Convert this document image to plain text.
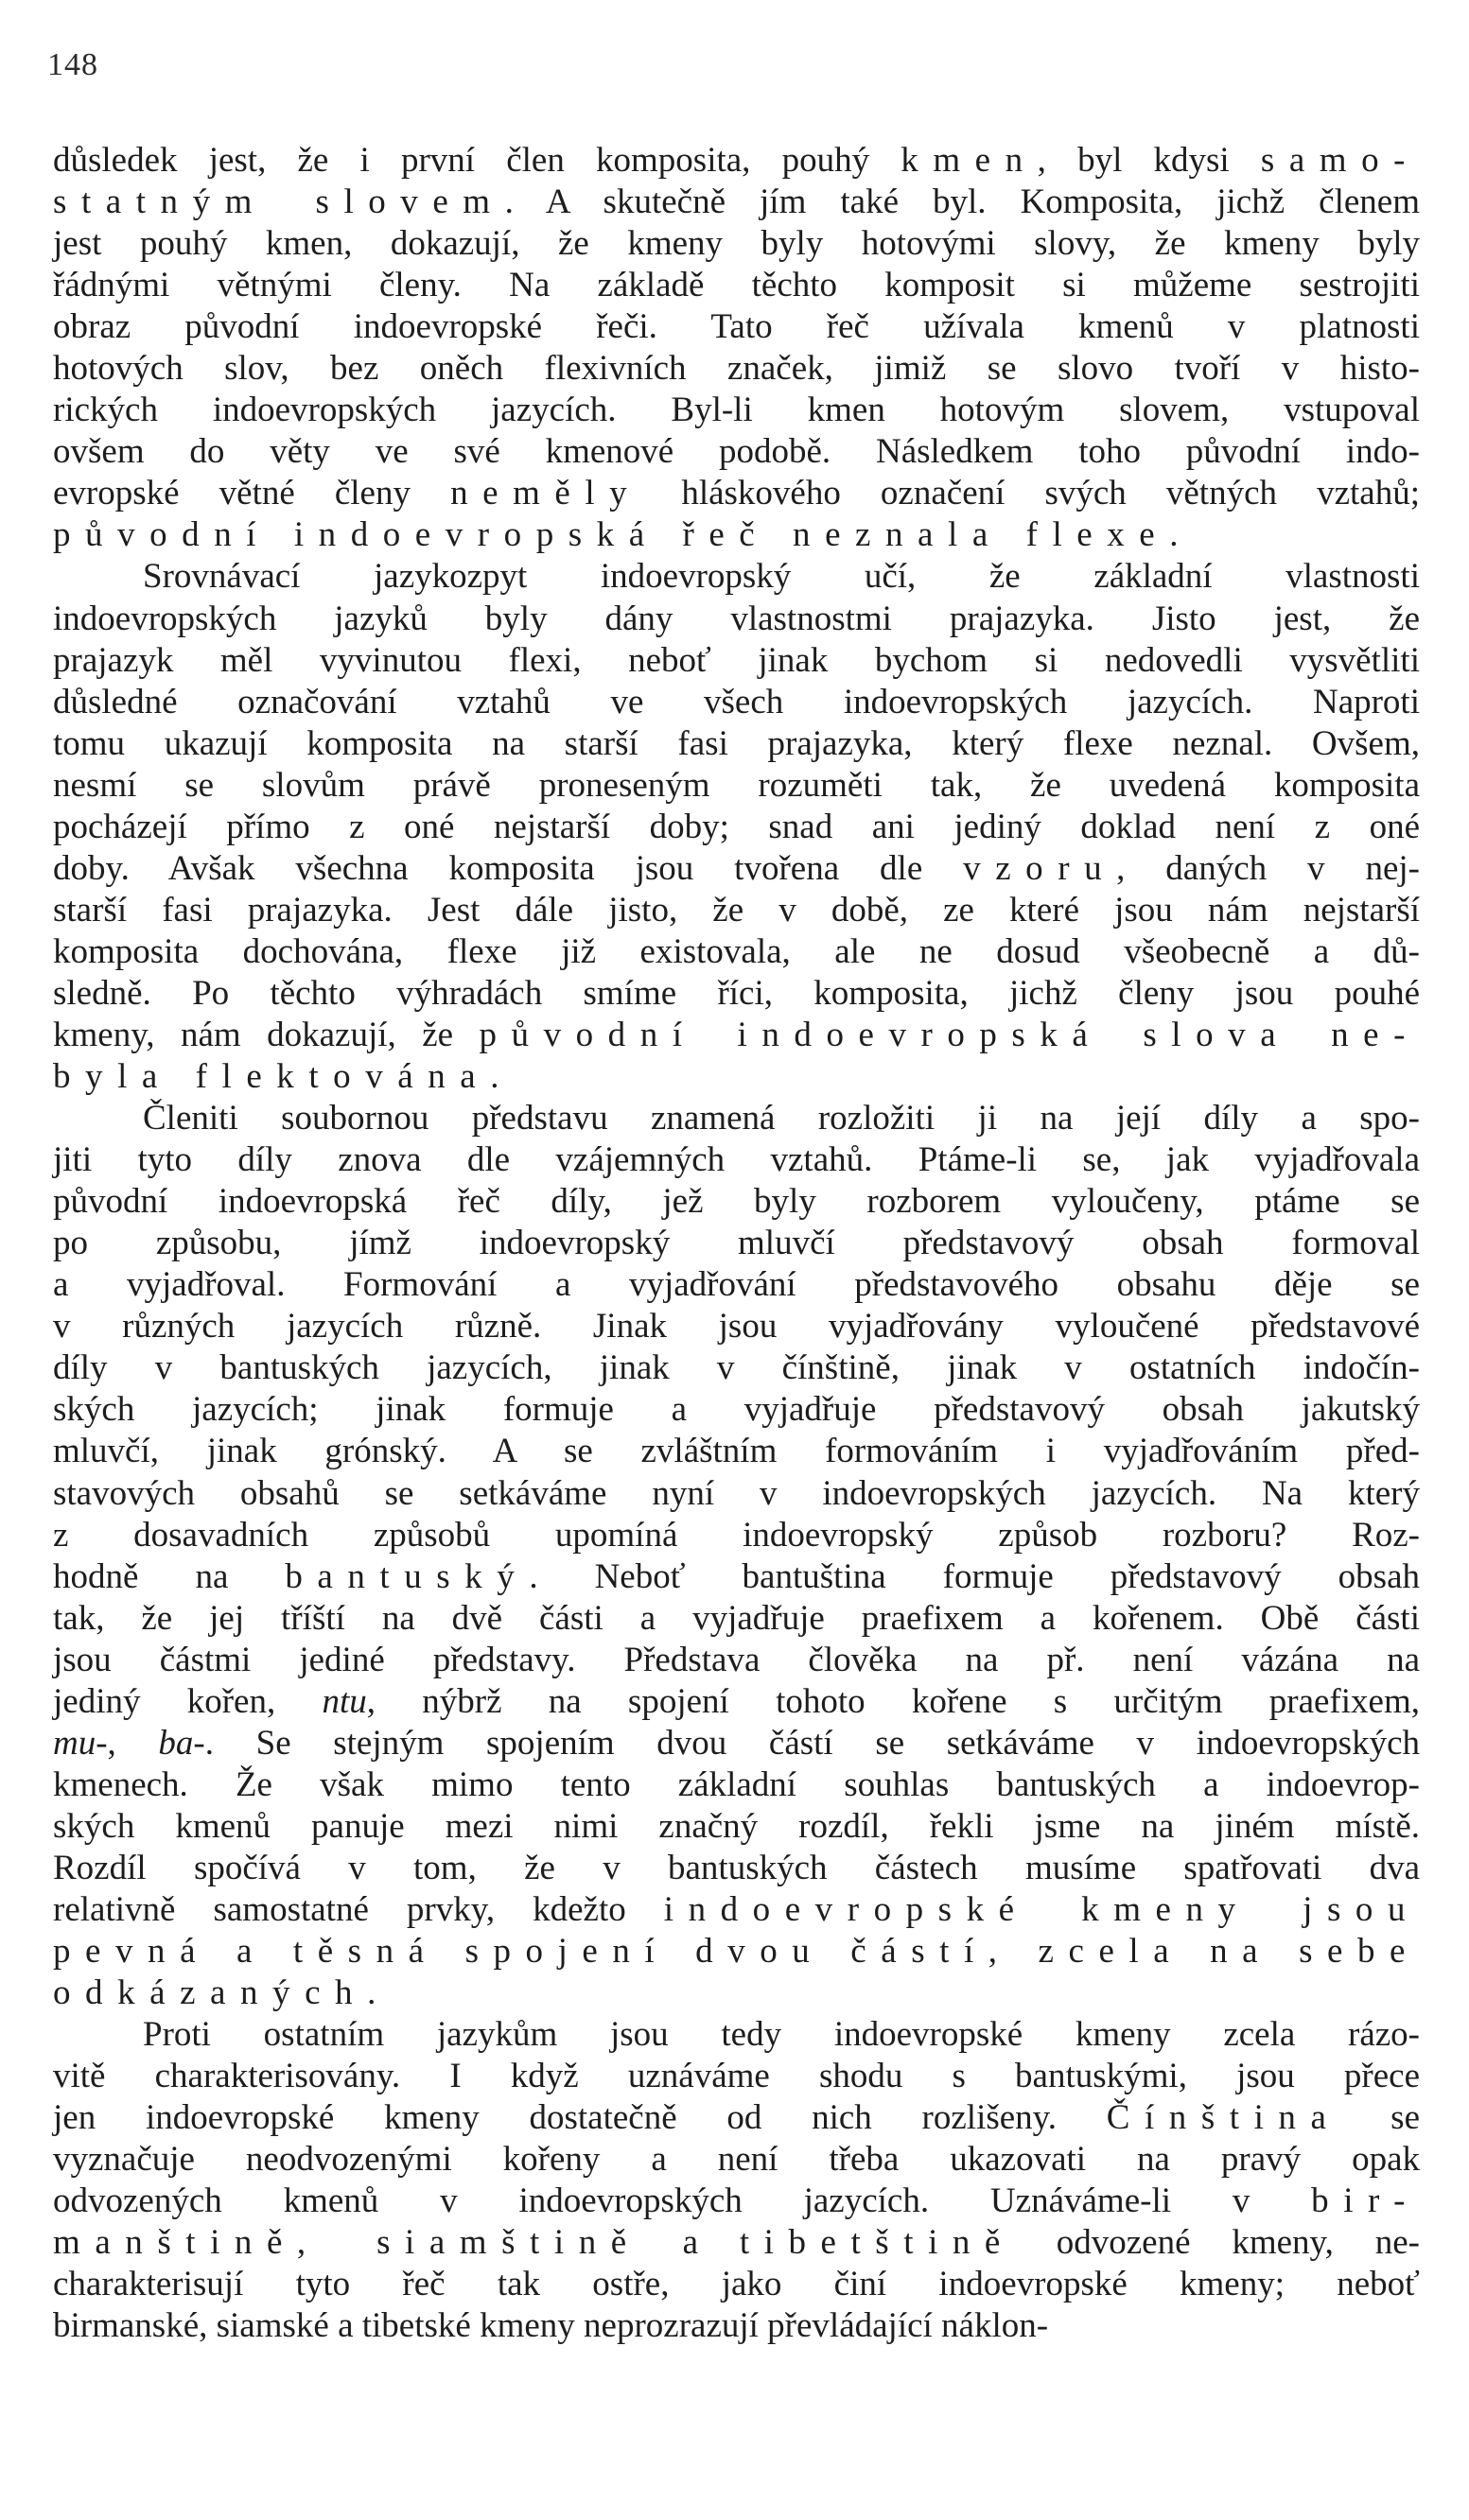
148
důsledek jest, že i první člen komposita, pouhý kmen, byl kdysi samo-
statným slovem. A skutečně jím také byl. Komposita, jichž členem
jest pouhý kmen, dokazují, že kmeny byly hotovými slovy, že kmeny byly
řádnými větnými členy. Na základě těchto komposit si můžeme sestrojiti
obraz původní indoevropské řeči. Tato řeč užívala kmenů v platnosti
hotových slov, bez oněch flexivních značek, jimiž se slovo tvoří v histo-
rických indoevropských jazycích. Byl-li kmen hotovým slovem, vstupoval
ovšem do věty ve své kmenové podobě. Následkem toho původní indo-
evropské větné členy neměly hláskového označení svých větných vztahů;
původní indoevropská řeč neznala flexe.
Srovnávací jazykozpyt indoevropský učí, že základní vlastnosti
indoevropských jazyků byly dány vlastnostmi prajazyka. Jisto jest, že
prajazyk měl vyvinutou flexi, neboť jinak bychom si nedovedli vysvětliti
důsledné označování vztahů ve všech indoevropských jazycích. Naproti
tomu ukazují komposita na starší fasi prajazyka, který flexe neznal. Ovšem,
nesmí se slovům právě proneseným rozuměti tak, že uvedená komposita
pocházejí přímo z oné nejstarší doby; snad ani jediný doklad není z oné
doby. Avšak všechna komposita jsou tvořena dle vzoru, daných v nej-
starší fasi prajazyka. Jest dále jisto, že v době, ze které jsou nám nejstarší
komposita dochována, flexe již existovala, ale ne dosud všeobecně a dů-
sledně. Po těchto výhradách smíme říci, komposita, jichž členy jsou pouhé
kmeny, nám dokazují, že původní indoevropská slova ne-
byla flektována.
Členiti soubornou představu znamená rozložiti ji na její díly a spo-
jiti tyto díly znova dle vzájemných vztahů. Ptáme-li se, jak vyjadřovala
původní indoevropská řeč díly, jež byly rozborem vyloučeny, ptáme se
po způsobu, jímž indoevropský mluvčí představový obsah formoval
a vyjadřoval. Formování a vyjadřování představového obsahu děje se
v různých jazycích různě. Jinak jsou vyjadřovány vyloučené představové
díly v bantuských jazycích, jinak v čínštině, jinak v ostatních indočín-
ských jazycích; jinak formuje a vyjadřuje představový obsah jakutský
mluvčí, jinak grónský. A se zvláštním formováním i vyjadřováním před-
stavových obsahů se setkáváme nyní v indoevropských jazycích. Na který
z dosavadních způsobů upomíná indoevropský způsob rozboru? Roz-
hodně na bantuský. Neboť bantuština formuje představový obsah
tak, že jej tříští na dvě části a vyjadřuje praefixem a kořenem. Obě části
jsou částmi jediné představy. Představa člověka na př. není vázána na
jediný kořen, ntu, nýbrž na spojení tohoto kořene s určitým praefixem,
mu-, ba-. Se stejným spojením dvou částí se setkáváme v indoevropských
kmenech. Že však mimo tento základní souhlas bantuských a indoevrop-
ských kmenů panuje mezi nimi značný rozdíl, řekli jsme na jiném místě.
Rozdíl spočívá v tom, že v bantuských částech musíme spatřovati dva
relativně samostatné prvky, kdežto indoevropské kmeny jsou
pevná a těsná spojení dvou částí, zcela na sebe
odkázaných.
Proti ostatním jazykům jsou tedy indoevropské kmeny zcela rázo-
vitě charakterisovány. I když uznáváme shodu s bantuskými, jsou přece
jen indoevropské kmeny dostatečně od nich rozlišeny. Čínština se
vyznačuje neodvozenými kořeny a není třeba ukazovati na pravý opak
odvozených kmenů v indoevropských jazycích. Uznáváme-li v bir-
manštině, siamštině a tibetštině odvozené kmeny, ne-
charakterisují tyto řeč tak ostře, jako činí indoevropské kmeny; neboť
birmanské, siamské a tibetské kmeny neprozrazují převládající náklon-
